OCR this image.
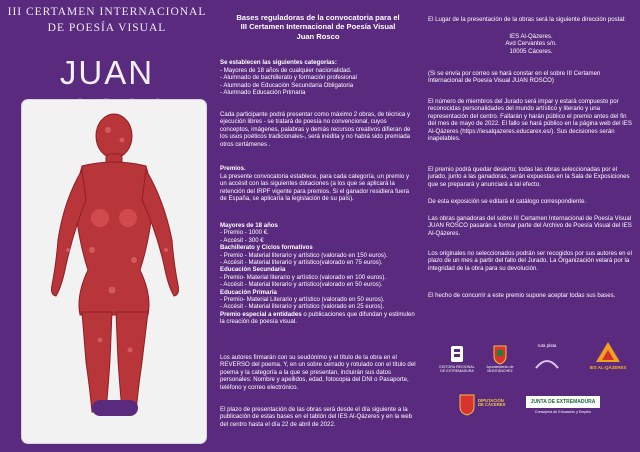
III CERTAMEN INTERNACIONAL
DE POESÍA VISUAL
JUAN
Bases reguladoras de la convocatoria para el
III Certamen Internacional de Poesía Visual
Juan Rosco
Se establecen las siguientes categorías:
- Mayores de 18 años de cualquier nacionalidad.
- Alumnado de bachillerato y formación profesional
- Alumnado de Educación Secundaria Obligatoria
- Alumnado Educación Primaria
Cada participante podrá presentar como máximo 2 obras, de técnica y ejecución libres - se tratará de poesía no convencional, cuyos conceptos, imágenes, palabras y demás recursos creativos difieran de los usos poéticos tradicionales-, será inédita y no habrá sido premiada otros certámenes .
Premios.
La presente convocatoria establece, para cada categoría, un premio y un accésit con las siguientes dotaciones (a los que se aplicará la retención del IRPF vigente para premios. Si el ganador residiera fuera de España, se aplicaría la legislación de su país).
Mayores de 18 años
- Premio - 1000 €.
- Accésit - 300 €
Bachillerato y Ciclos formativos
- Premio - Material literario y artístico (valorado en 150 euros).
- Accésit - Material literario y artístico(valorado en 75 euros).
Educación Secundaria
- Premio- Material literario y artístico (valorado en 100 euros).
- Accésit - Material literario y artístico(valorado en 50 euros).
Educación Primaria
- Premio- Material Literario y artístico (valorado en 50 euros).
- Accésit - Material literario y artístico (valorado en 25 euros).
Premio especial a entidades o publicaciones que difundan y estimulen la creación de poesía visual.
Los autores firmarán con su seudónimo y el título de la obra en el REVERSO del poema. Y, en un sobre cerrado y rotulado con el título del poema y la categoría a la que se presentan, incluirán sus datos personales: Nombre y apellidos, edad, fotocopia del DNI o Pasaporte, teléfono y correo electrónico.
El plazo de presentación de las obras será desde el día siguiente a la publicación de estas bases en el tablón del IES Al-Qázeres y en la web del centro hasta el día 22 de abril de 2022.
El Lugar de la presentación de la obras será la siguiente dirección postal:
IES Al-Qázeres.
Avd Cervantes s/n.
10005 Cáceres.
(Si se envía por correo se hará constar en el sobre III Certamen Internacional de Poesía Visual JUAN ROSCO)
El número de miembros del Jurado será impar y estará compuesto por reconocidas personalidades del mundo artístico y literario y una representación del centro. Fallarán y harán público el premio antes del fin del mes de mayo de 2022. El fallo se hará público en la página web del IES Al-Qázeres (https://iesalqazeres.educarex.es/). Sus decisiones serán inapelables.
El premio podrá quedar desierto; todas las obras seleccionadas por el jurado, junto a las ganadoras, serán expuestas en la Sala de Exposiciones que se preparará y anunciará a tal efecto.
De esta exposición se editará el catálogo correspondiente.
Las obras ganadoras del sobre III Certamen Internacional de Poesía Visual JUAN ROSCO pasarán a formar parte del Archivo de Poesía Visual del IES Al-Qázeres.
Los originales no seleccionados podrán ser recogidos por sus autores en el plazo de un mes a partir del fallo del Jurado. La Organización velará por la integridad de la obra para su devolución.
El hecho de concurrir a este premio supone aceptar todas sus bases.
EDITORA REGIONAL DE EXTREMADURA
Ayuntamiento de MONTÁNCHEZ
ruta plata
IES AL-QÁZERES
DIPUTACIÓN DE CÁCERES	JUNTA DE EXTREMADURA
Consejería de Educación y Empleo
